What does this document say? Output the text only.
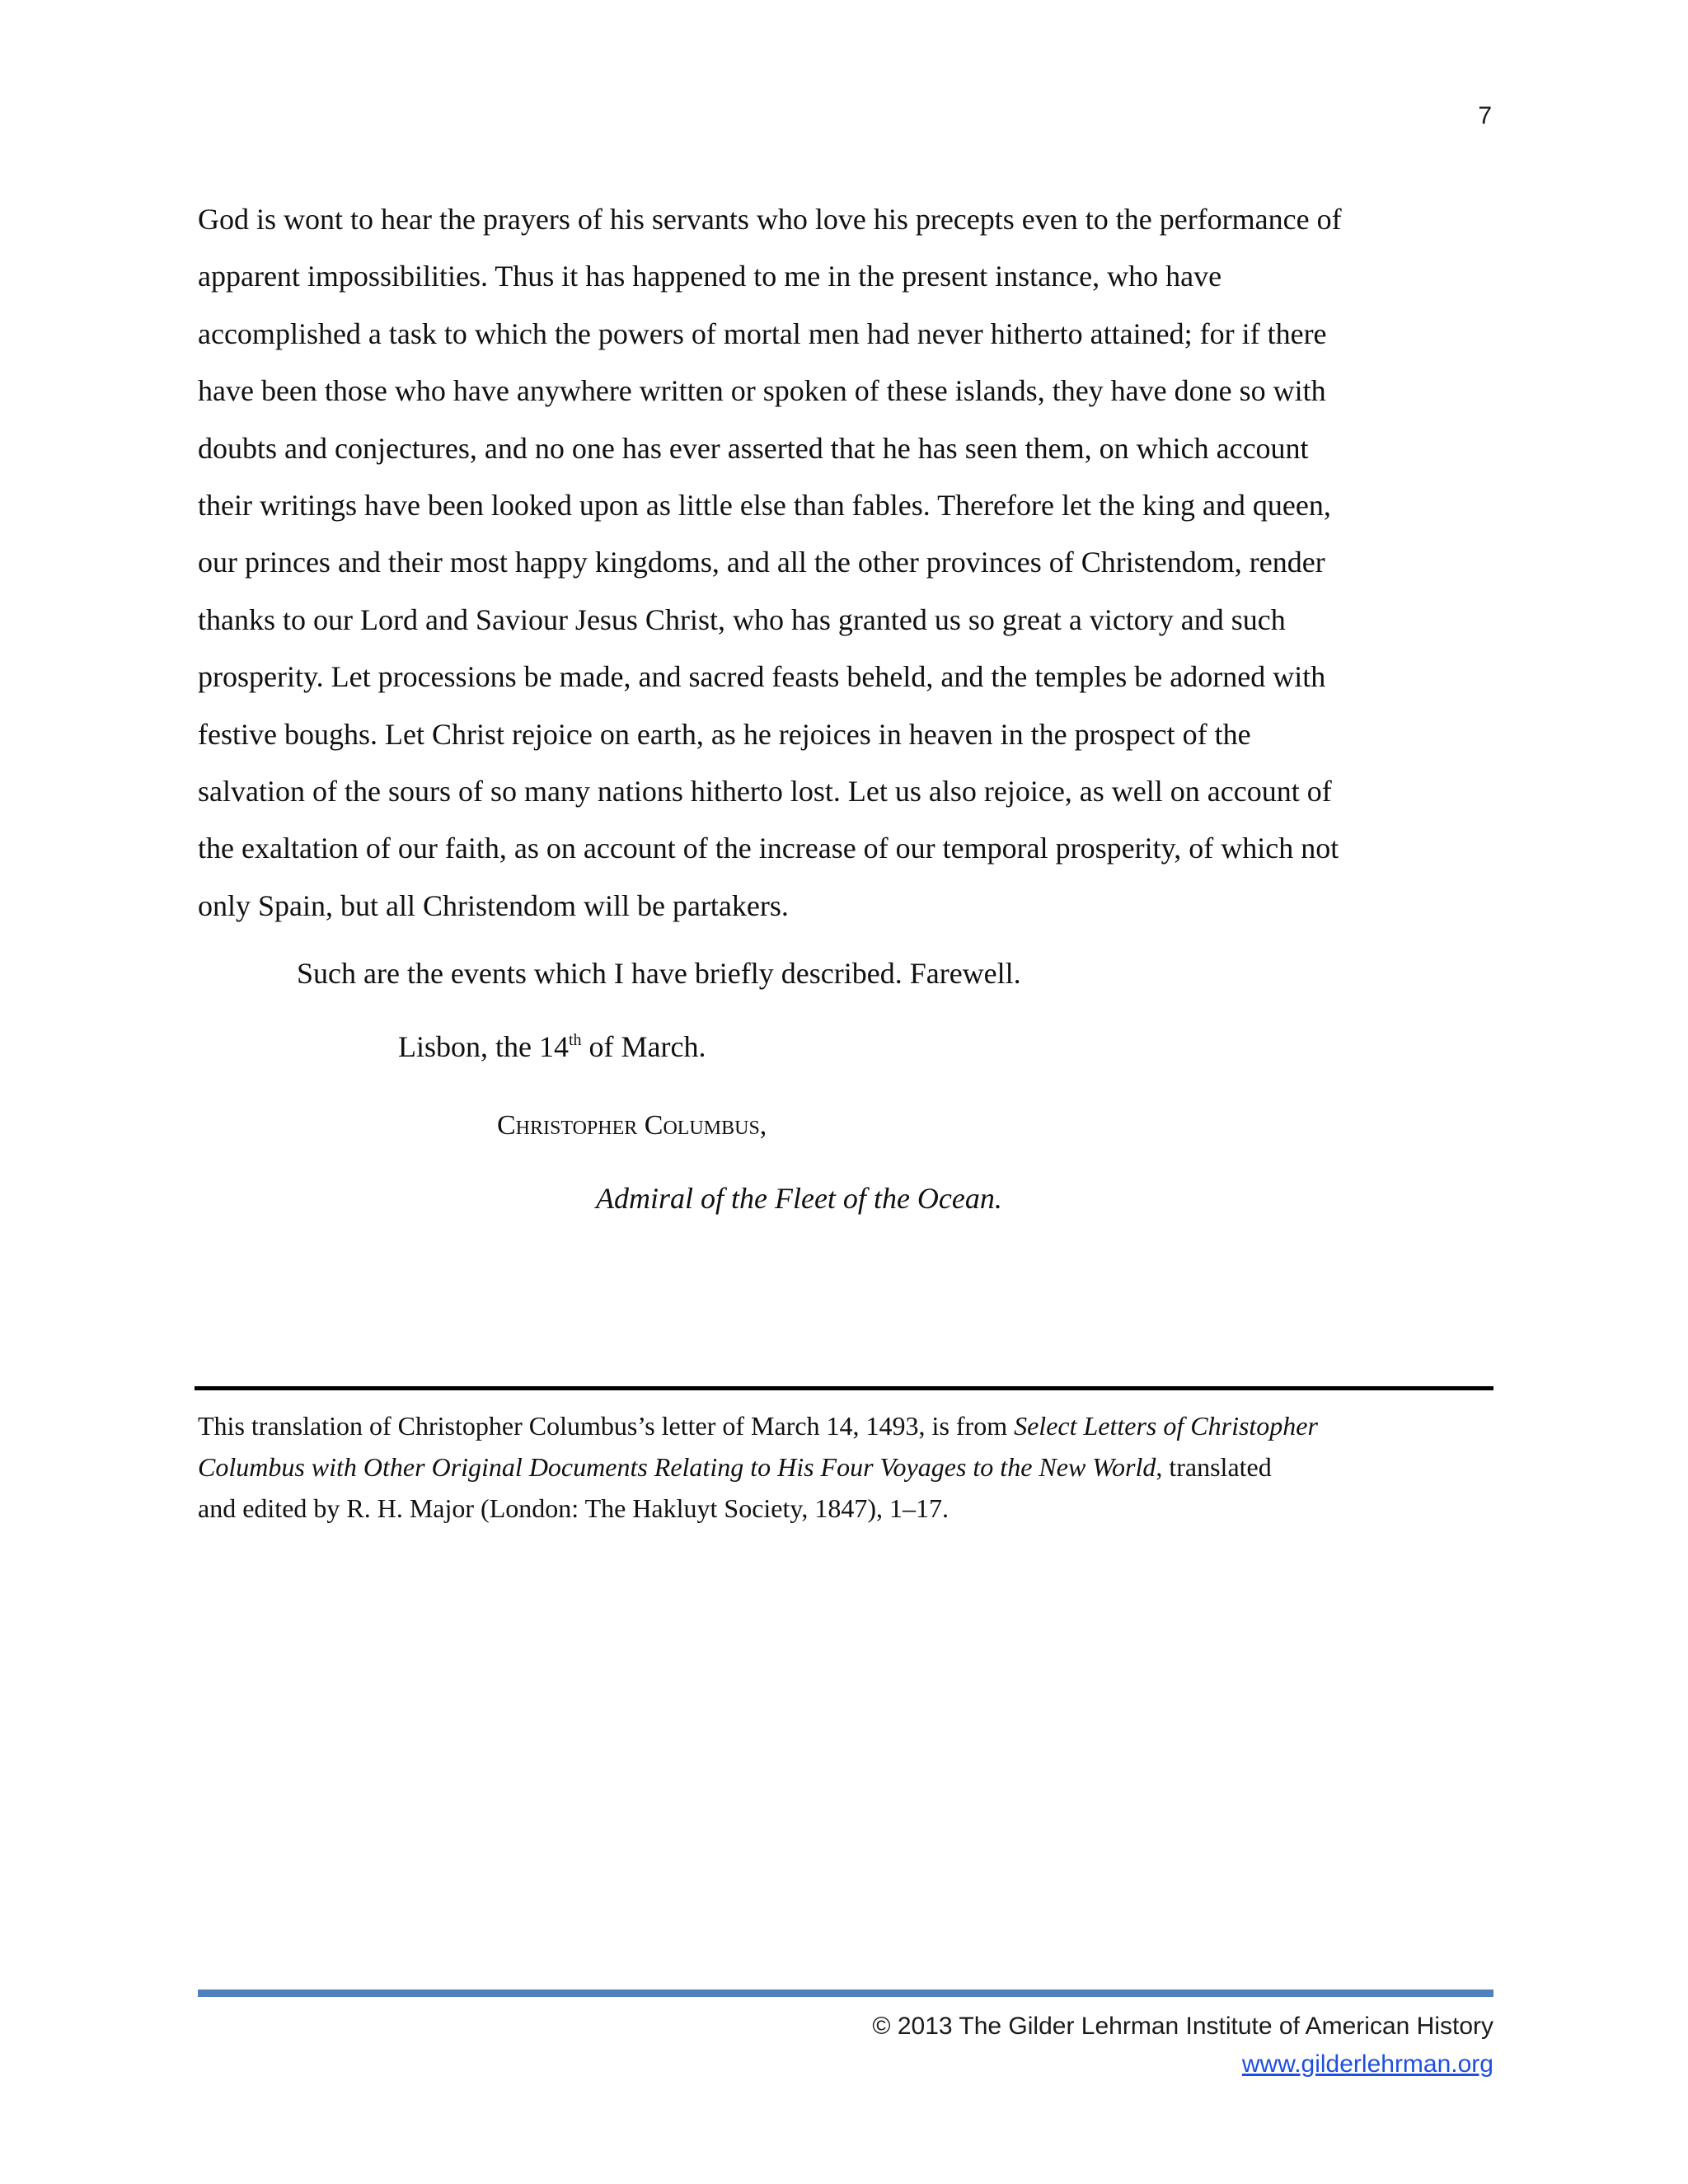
7
God is wont to hear the prayers of his servants who love his precepts even to the performance of
apparent impossibilities. Thus it has happened to me in the present instance, who have
accomplished a task to which the powers of mortal men had never hitherto attained; for if there
have been those who have anywhere written or spoken of these islands, they have done so with
doubts and conjectures, and no one has ever asserted that he has seen them, on which account
their writings have been looked upon as little else than fables. Therefore let the king and queen,
our princes and their most happy kingdoms, and all the other provinces of Christendom, render
thanks to our Lord and Saviour Jesus Christ, who has granted us so great a victory and such
prosperity. Let processions be made, and sacred feasts beheld, and the temples be adorned with
festive boughs. Let Christ rejoice on earth, as he rejoices in heaven in the prospect of the
salvation of the sours of so many nations hitherto lost. Let us also rejoice, as well on account of
the exaltation of our faith, as on account of the increase of our temporal prosperity, of which not
only Spain, but all Christendom will be partakers.
Such are the events which I have briefly described. Farewell.
Lisbon, the 14th of March.
Christopher Columbus,
Admiral of the Fleet of the Ocean.
This translation of Christopher Columbus’s letter of March 14, 1493, is from Select Letters of Christopher
Columbus with Other Original Documents Relating to His Four Voyages to the New World, translated
and edited by R. H. Major (London: The Hakluyt Society, 1847), 1–17.
© 2013 The Gilder Lehrman Institute of American History
www.gilderlehrman.org
